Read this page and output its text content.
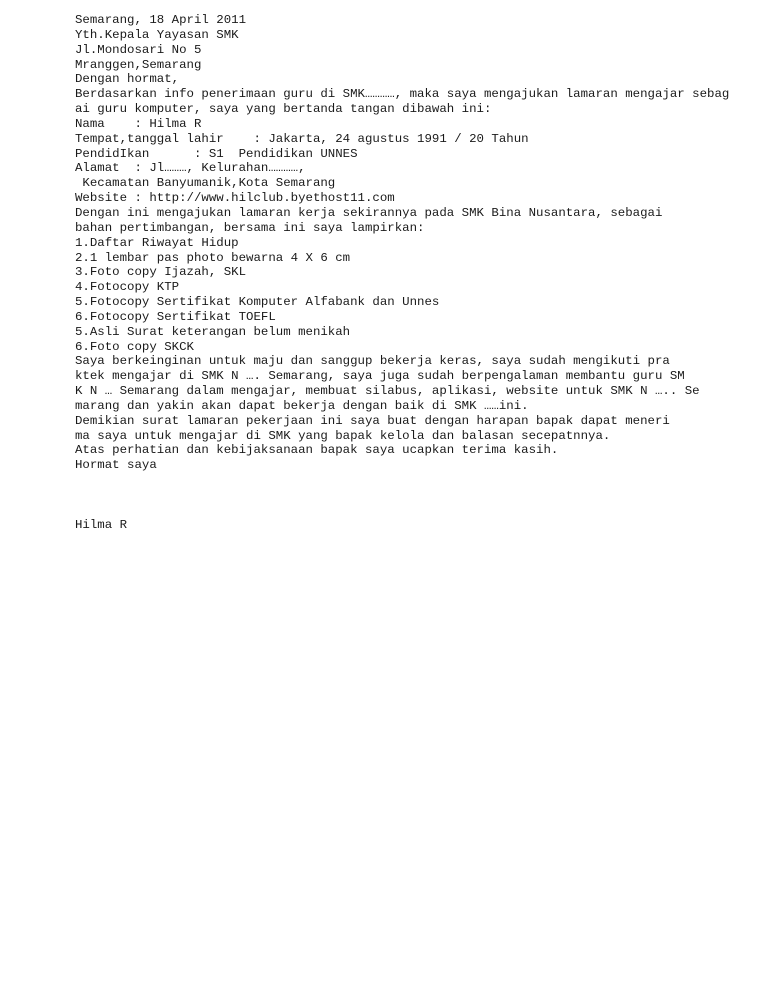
Semarang, 18 April 2011
Yth.Kepala Yayasan SMK
Jl.Mondosari No 5
Mranggen,Semarang
Dengan hormat,
Berdasarkan info penerimaan guru di SMK…………, maka saya mengajukan lamaran mengajar sebag
ai guru komputer, saya yang bertanda tangan dibawah ini:
Nama    : Hilma R
Tempat,tanggal lahir    : Jakarta, 24 agustus 1991 / 20 Tahun
PendidIkan      : S1  Pendidikan UNNES
Alamat  : Jl………, Kelurahan…………,
Kecamatan Banyumanik,Kota Semarang
Website : http://www.hilclub.byethost11.com
Dengan ini mengajukan lamaran kerja sekirannya pada SMK Bina Nusantara, sebagai
bahan pertimbangan, bersama ini saya lampirkan:
1.Daftar Riwayat Hidup
2.1 lembar pas photo bewarna 4 X 6 cm
3.Foto copy Ijazah, SKL
4.Fotocopy KTP
5.Fotocopy Sertifikat Komputer Alfabank dan Unnes
6.Fotocopy Sertifikat TOEFL
5.Asli Surat keterangan belum menikah
6.Foto copy SKCK
Saya berkeinginan untuk maju dan sanggup bekerja keras, saya sudah mengikuti pra
ktek mengajar di SMK N …. Semarang, saya juga sudah berpengalaman membantu guru SM
K N … Semarang dalam mengajar, membuat silabus, aplikasi, website untuk SMK N ….. Se
marang dan yakin akan dapat bekerja dengan baik di SMK ……ini.
Demikian surat lamaran pekerjaan ini saya buat dengan harapan bapak dapat meneri
ma saya untuk mengajar di SMK yang bapak kelola dan balasan secepatnnya.
Atas perhatian dan kebijaksanaan bapak saya ucapkan terima kasih.
Hormat saya
Hilma R
